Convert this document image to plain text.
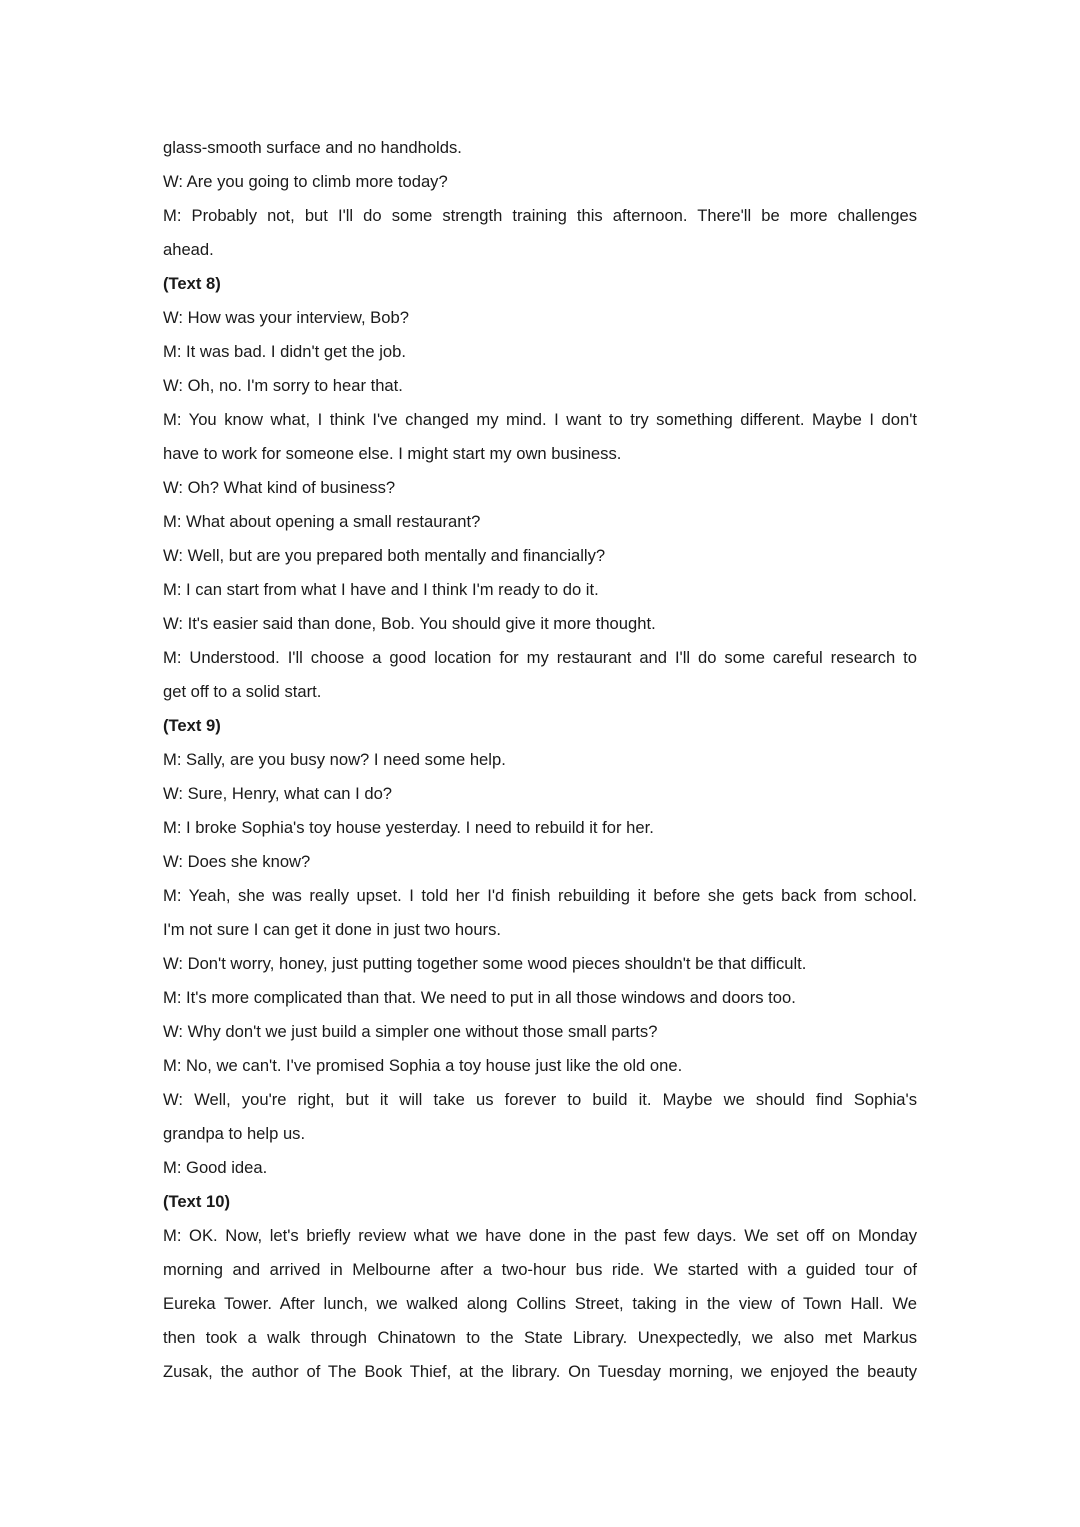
glass-smooth surface and no handholds.
W: Are you going to climb more today?
M: Probably not, but I'll do some strength training this afternoon. There'll be more challenges
ahead.
(Text 8)
W: How was your interview, Bob?
M: It was bad. I didn't get the job.
W: Oh, no. I'm sorry to hear that.
M: You know what, I think I've changed my mind. I want to try something different. Maybe I don't
have to work for someone else. I might start my own business.
W: Oh? What kind of business?
M: What about opening a small restaurant?
W: Well, but are you prepared both mentally and financially?
M: I can start from what I have and I think I'm ready to do it.
W: It's easier said than done, Bob. You should give it more thought.
M: Understood. I'll choose a good location for my restaurant and I'll do some careful research to
get off to a solid start.
(Text 9)
M: Sally, are you busy now? I need some help.
W: Sure, Henry, what can I do?
M: I broke Sophia's toy house yesterday. I need to rebuild it for her.
W: Does she know?
M: Yeah, she was really upset. I told her I'd finish rebuilding it before she gets back from school.
I'm not sure I can get it done in just two hours.
W: Don't worry, honey, just putting together some wood pieces shouldn't be that difficult.
M: It's more complicated than that. We need to put in all those windows and doors too.
W: Why don't we just build a simpler one without those small parts?
M: No, we can't. I've promised Sophia a toy house just like the old one.
W: Well, you're right, but it will take us forever to build it. Maybe we should find Sophia's
grandpa to help us.
M: Good idea.
(Text 10)
M: OK. Now, let's briefly review what we have done in the past few days. We set off on Monday
morning and arrived in Melbourne after a two-hour bus ride. We started with a guided tour of
Eureka Tower. After lunch, we walked along Collins Street, taking in the view of Town Hall. We
then took a walk through Chinatown to the State Library. Unexpectedly, we also met Markus
Zusak, the author of The Book Thief, at the library. On Tuesday morning, we enjoyed the beauty
